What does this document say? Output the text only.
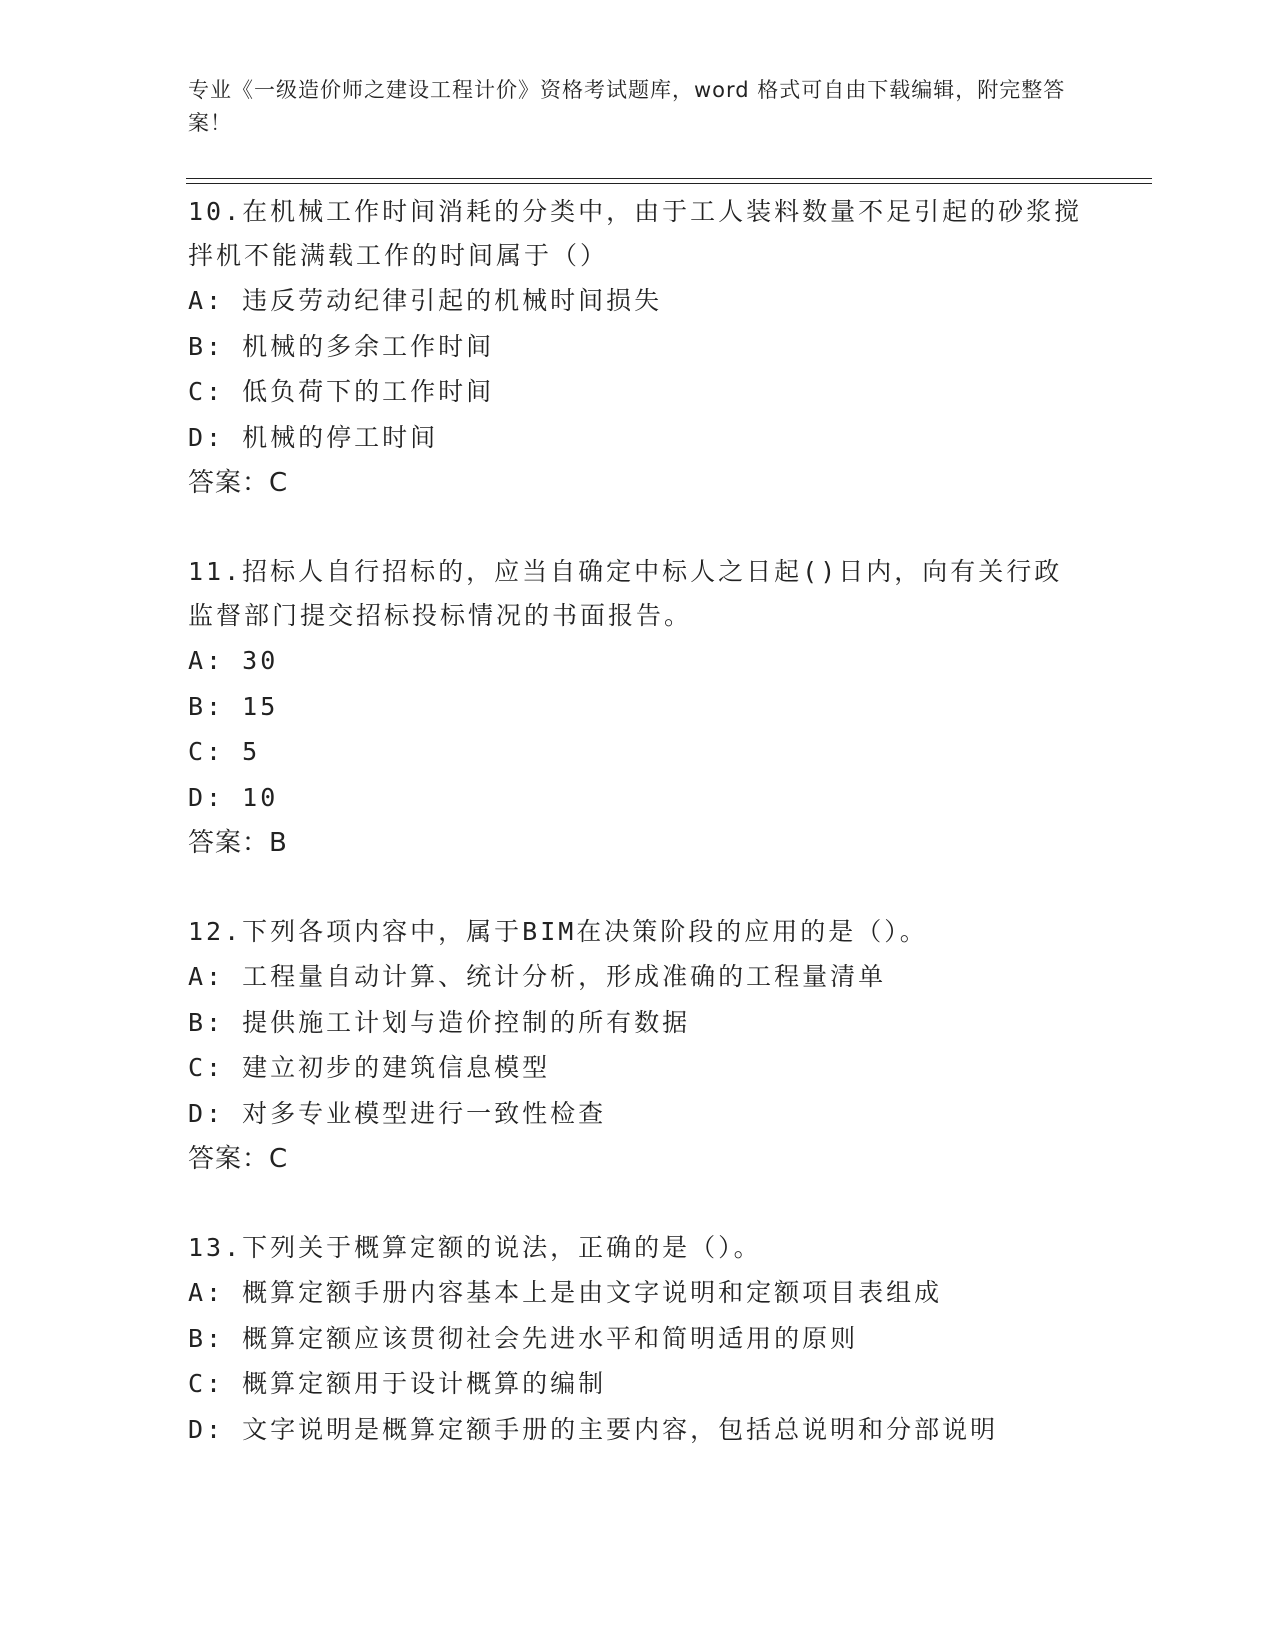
专业《一级造价师之建设工程计价》资格考试题库，word 格式可自由下载编辑，附完整答案！

10.在机械工作时间消耗的分类中，由于工人装料数量不足引起的砂浆搅拌机不能满载工作的时间属于（）

A: 违反劳动纪律引起的机械时间损失

B: 机械的多余工作时间

C: 低负荷下的工作时间

D: 机械的停工时间

答案：C

11.招标人自行招标的，应当自确定中标人之日起()日内，向有关行政监督部门提交招标投标情况的书面报告。

A: 30

B: 15

C: 5

D: 10

答案：B

12.下列各项内容中，属于BIM在决策阶段的应用的是（）。

A: 工程量自动计算、统计分析，形成准确的工程量清单

B: 提供施工计划与造价控制的所有数据

C: 建立初步的建筑信息模型

D: 对多专业模型进行一致性检查

答案：C

13.下列关于概算定额的说法，正确的是（）。

A: 概算定额手册内容基本上是由文字说明和定额项目表组成

B: 概算定额应该贯彻社会先进水平和简明适用的原则

C: 概算定额用于设计概算的编制

D: 文字说明是概算定额手册的主要内容，包括总说明和分部说明
